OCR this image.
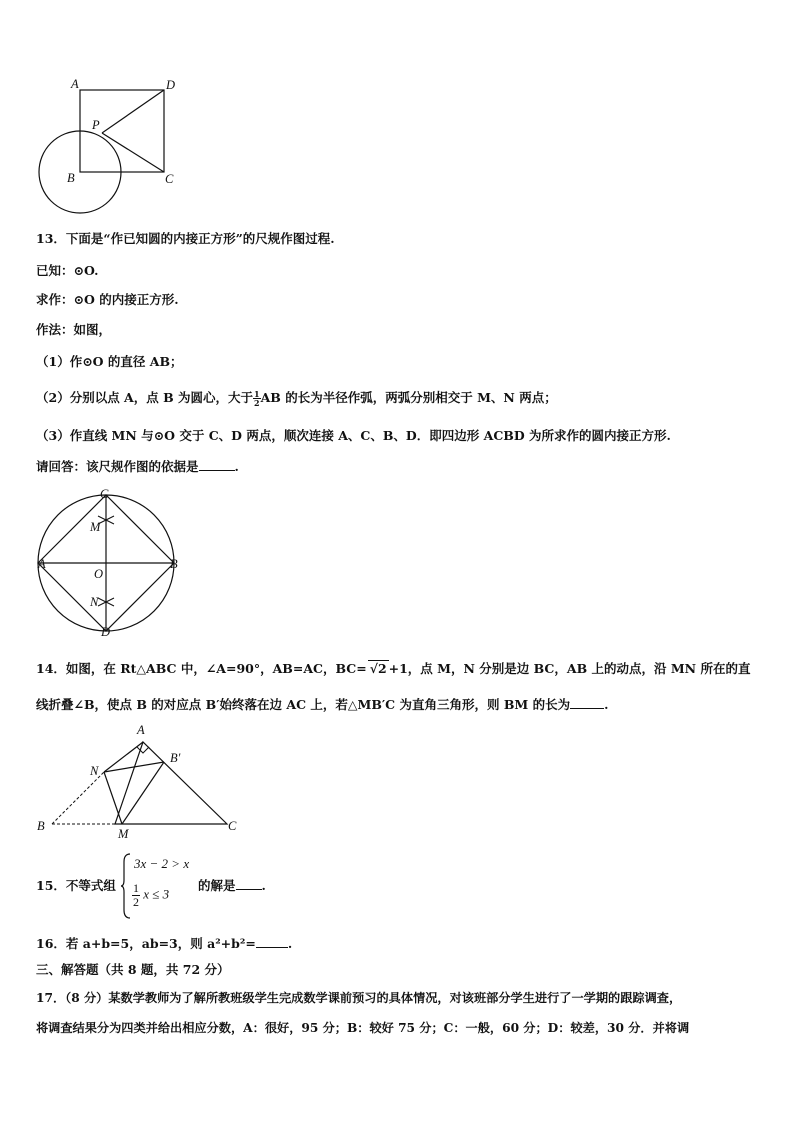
A	D
P
B	C
13．下面是“作已知圆的内接正方形”的尺规作图过程.
已知：⊙O.
求作：⊙O 的内接正方形.
作法：如图，
（1）作⊙O 的直径 AB；
（2）分别以点 A，点 B 为圆心，大于 $\frac{1}{2}$ AB 的长为半径作弧，两弧分别相交于 M、N 两点；
（3）作直线 MN 与⊙O 交于 C、D 两点，顺次连接 A、C、B、D．即四边形 ACBD 为所求作的圆内接正方形.
请回答：该尺规作图的依据是	.
C
M
A
O
B
N
D
14．如图，在 Rt△ABC 中，∠A=90°，AB=AC，BC= √2 +1，点 M，N 分别是边 BC，AB 上的动点，沿 MN 所在的直
线折叠∠B，使点 B 的对应点 B′始终落在边 AC 上，若△MB′C 为直角三角形，则 BM 的长为	.
A
B′
N
B
M
C
15．不等式组
3x − 2 > x
$\frac{1}{2}$ x ≤ 3
的解是 .
16．若 a+b=5，ab=3，则 a²+b²=	.
三、解答题（共 8 题，共 72 分）
17．（8 分）某数学教师为了解所教班级学生完成数学课前预习的具体情况，对该班部分学生进行了一学期的跟踪调查，
将调查结果分为四类并给出相应分数，A：很好，95 分；B：较好 75 分；C：一般，60 分；D：较差，30 分．并将调
